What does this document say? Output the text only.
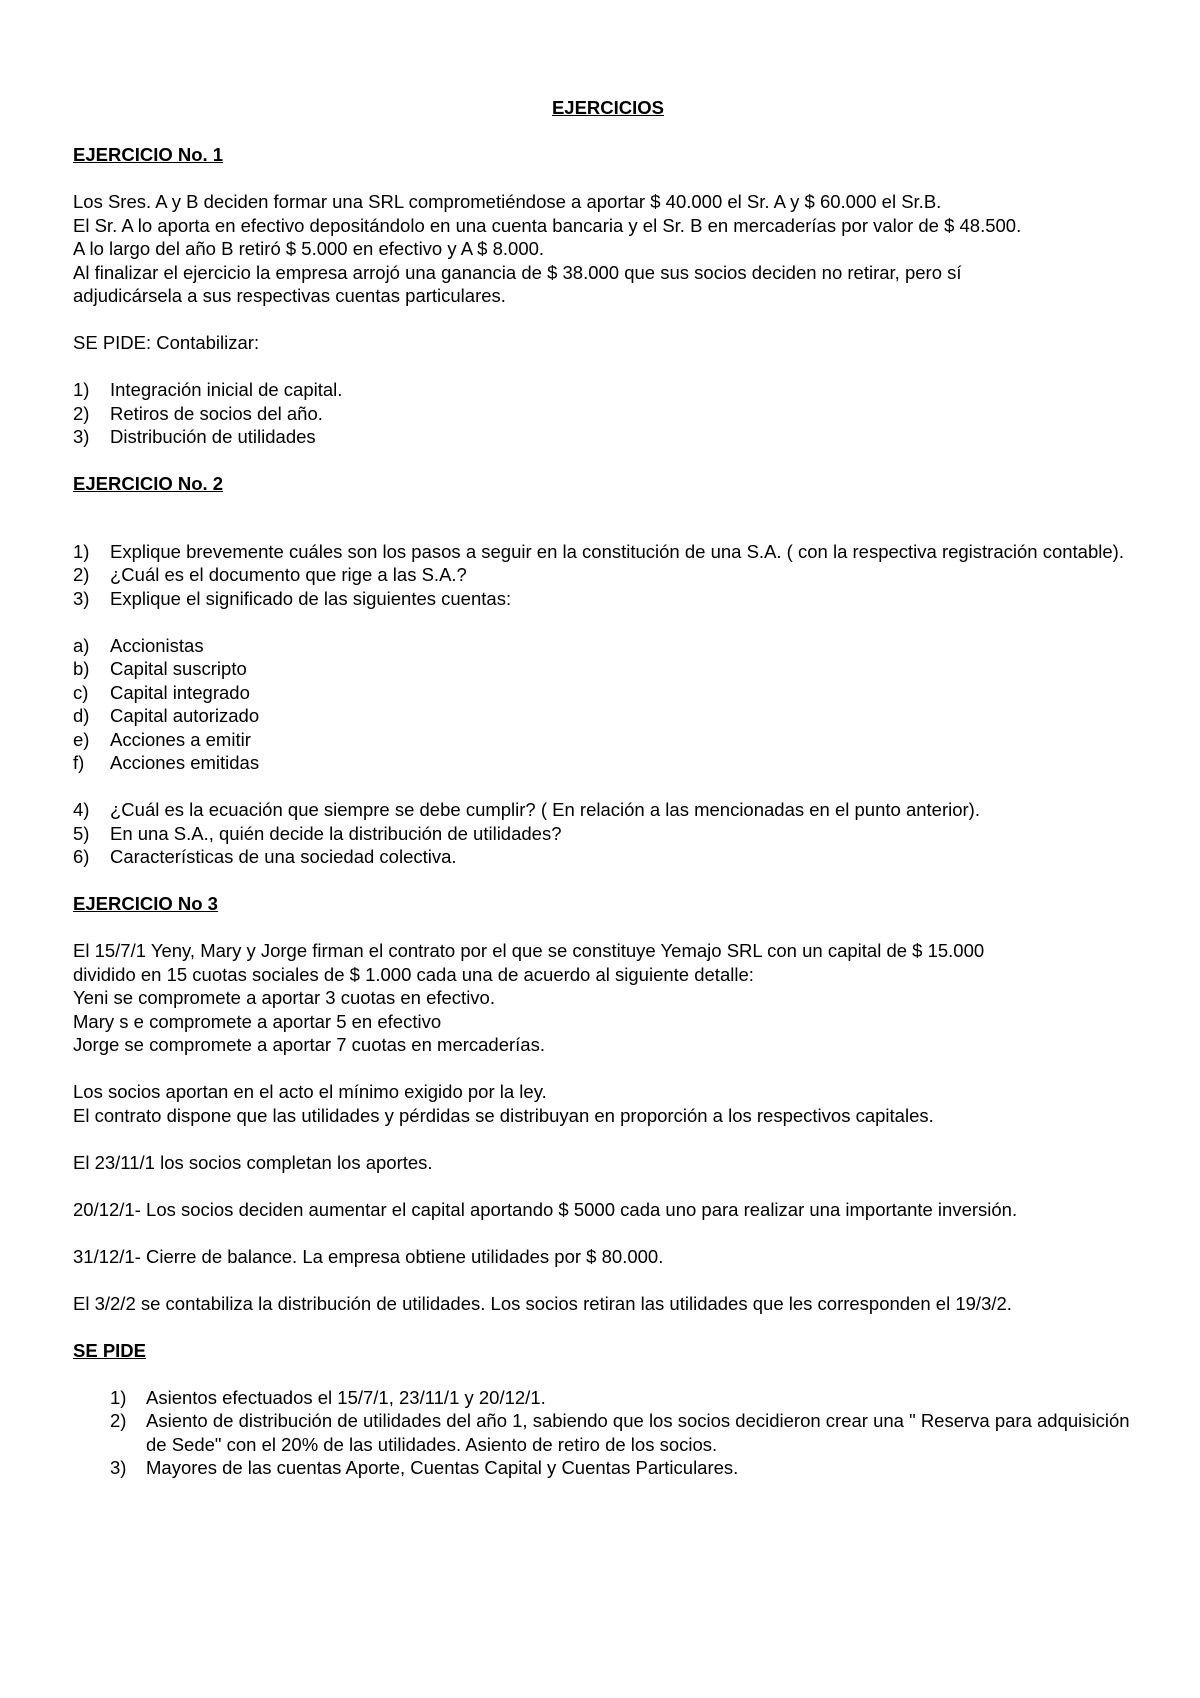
EJERCICIOS
EJERCICIO No. 1
Los Sres. A y B deciden formar una SRL comprometiéndose a aportar $ 40.000 el Sr. A y $ 60.000 el Sr.B.
El Sr. A lo aporta en efectivo depositándolo en una cuenta bancaria y el Sr. B en mercaderías por valor de $ 48.500.
A lo largo del año B retiró $ 5.000 en efectivo y A $ 8.000.
Al finalizar el ejercicio la empresa arrojó una ganancia de $ 38.000 que sus socios deciden no retirar, pero sí
adjudicársela a sus respectivas cuentas particulares.
SE PIDE: Contabilizar:
1) Integración inicial de capital.
2) Retiros de socios del año.
3) Distribución de utilidades
EJERCICIO No. 2
1) Explique brevemente cuáles son los pasos a seguir en la constitución de una S.A. ( con la respectiva registración contable).
2) ¿Cuál es el documento que rige a las S.A.?
3) Explique el significado de las siguientes cuentas:
a) Accionistas
b) Capital suscripto
c) Capital integrado
d) Capital autorizado
e) Acciones a emitir
f) Acciones emitidas
4) ¿Cuál es la ecuación que siempre se debe cumplir? ( En relación a las mencionadas en el punto anterior).
5) En una S.A., quién decide la distribución de utilidades?
6) Características de una sociedad colectiva.
EJERCICIO No 3
El 15/7/1 Yeny, Mary y Jorge firman el contrato por el que se constituye Yemajo SRL con un capital de $ 15.000
dividido en 15 cuotas sociales de $ 1.000 cada una de acuerdo al siguiente detalle:
Yeni se compromete a aportar 3 cuotas en efectivo.
Mary s e compromete a aportar 5 en efectivo
Jorge se compromete a aportar 7 cuotas en mercaderías.
Los socios aportan en el acto el mínimo exigido por la ley.
El contrato dispone que las utilidades y pérdidas se distribuyan en proporción a los respectivos capitales.
El 23/11/1 los socios completan los aportes.
20/12/1- Los socios deciden aumentar el capital aportando $ 5000 cada uno para realizar una importante inversión.
31/12/1- Cierre de balance. La empresa obtiene utilidades por $ 80.000.
El 3/2/2 se contabiliza la distribución de utilidades. Los socios retiran las utilidades que les corresponden el 19/3/2.
SE PIDE
1) Asientos efectuados el 15/7/1, 23/11/1 y 20/12/1.
2) Asiento de distribución de utilidades del año 1, sabiendo que los socios decidieron crear una " Reserva para adquisición de Sede" con el 20% de las utilidades. Asiento de retiro de los socios.
3) Mayores de las cuentas Aporte, Cuentas Capital y Cuentas Particulares.
